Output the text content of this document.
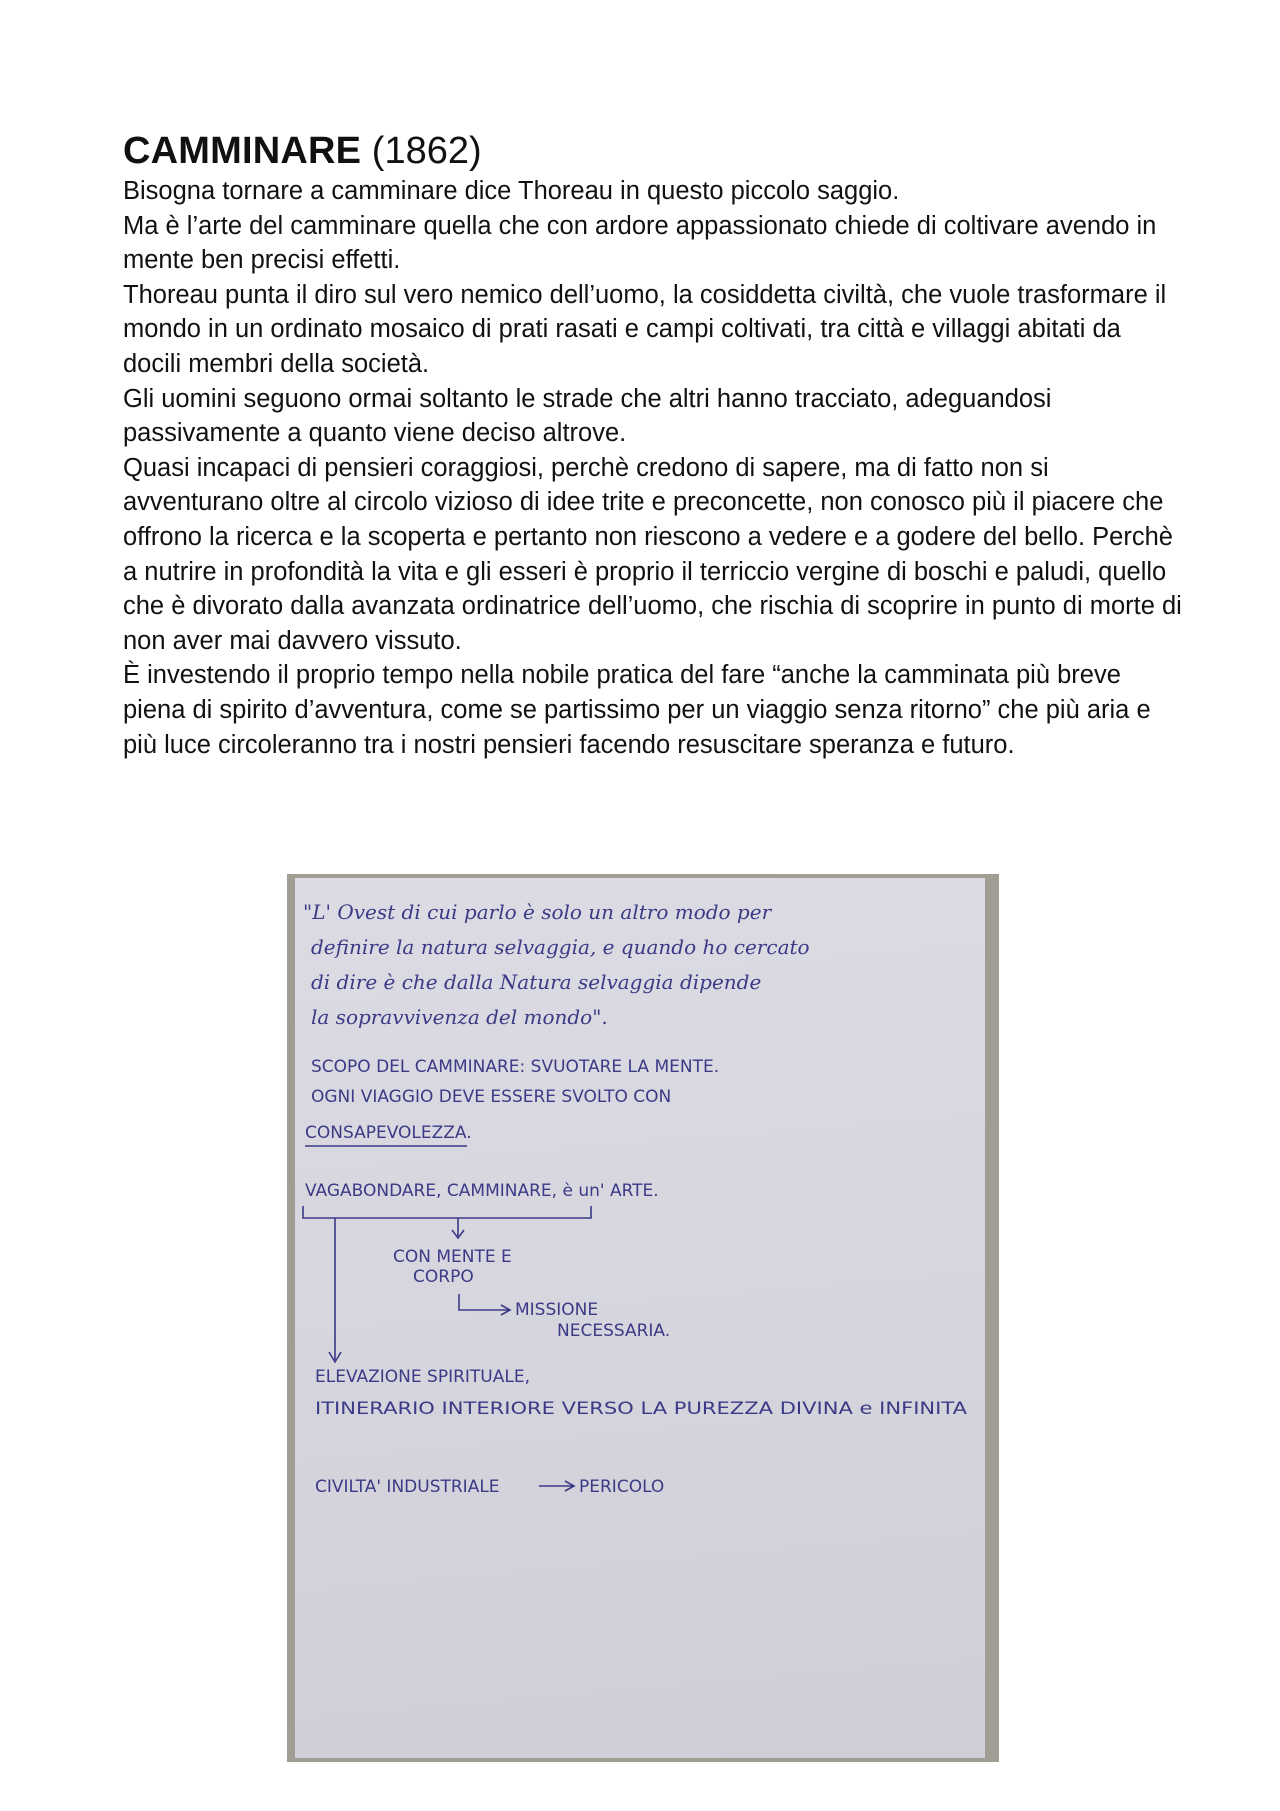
CAMMINARE (1862)

Bisogna tornare a camminare dice Thoreau in questo piccolo saggio.

Ma è l’arte del camminare quella che con ardore appassionato chiede di coltivare avendo in mente ben precisi effetti.

Thoreau punta il diro sul vero nemico dell’uomo, la cosiddetta civiltà, che vuole trasformare il mondo in un ordinato mosaico di prati rasati e campi coltivati, tra città e villaggi abitati da docili membri della società.

Gli uomini seguono ormai soltanto le strade che altri hanno tracciato, adeguandosi passivamente a quanto viene deciso altrove.

Quasi incapaci di pensieri coraggiosi, perchè credono di sapere, ma di fatto non si avventurano oltre al circolo vizioso di idee trite e preconcette, non conosco più il piacere che offrono la ricerca e la scoperta e pertanto non riescono a vedere e a godere del bello. Perchè a nutrire in profondità la vita e gli esseri è proprio il terriccio vergine di boschi e paludi, quello che è divorato dalla avanzata ordinatrice dell’uomo, che rischia di scoprire in punto di morte di non aver mai davvero vissuto.

È investendo il proprio tempo nella nobile pratica del fare “anche la camminata più breve piena di spirito d’avventura, come se partissimo per un viaggio senza ritorno” che più aria e più luce circoleranno tra i nostri pensieri facendo resuscitare speranza e futuro.

"L' Ovest di cui parlo è solo un altro modo per
definire la natura selvaggia, e quando ho cercato
di dire è che dalla Natura selvaggia dipende
la sopravvivenza del mondo".
SCOPO DEL CAMMINARE: SVUOTARE LA MENTE.
OGNI VIAGGIO DEVE ESSERE SVOLTO CON
CONSAPEVOLEZZA.
VAGABONDARE, CAMMINARE, è un' ARTE.
CON MENTE E
CORPO
MISSIONE
NECESSARIA.
ELEVAZIONE SPIRITUALE,
ITINERARIO INTERIORE VERSO LA PUREZZA DIVINA e INFINITA
CIVILTA' INDUSTRIALE	PERICOLO
